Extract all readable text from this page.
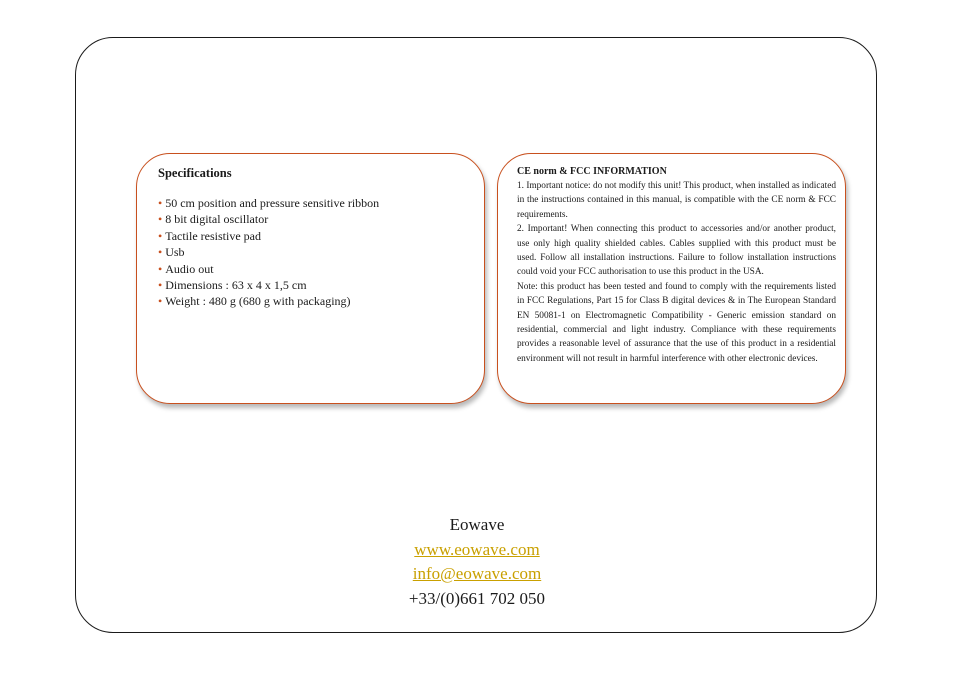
Specifications
• 50 cm position and pressure sensitive ribbon
• 8 bit digital oscillator
• Tactile resistive pad
• Usb
• Audio out
• Dimensions : 63 x 4 x 1,5 cm
• Weight : 480 g (680 g with packaging)
CE norm & FCC INFORMATION

1. Important notice: do not modify this unit! This product, when installed as indicated in the instructions contained in this manual, is compatible with the CE norm & FCC requirements.

2. Important! When connecting this product to accessories and/or another product, use only high quality shielded cables. Cables supplied with this product must be used. Follow all installation instructions. Failure to follow installation instructions could void your FCC authorisation to use this product in the USA.

Note: this product has been tested and found to comply with the requirements listed in FCC Regulations, Part 15 for Class B digital devices & in The European Standard EN 50081-1 on Electromagnetic Compatibility - Generic emission standard on residential, commercial and light industry. Compliance with these requirements provides a reasonable level of assurance that the use of this product in a residential environment will not result in harmful interference with other electronic devices.

Eowave
www.eowave.com
info@eowave.com
+33/(0)661 702 050
